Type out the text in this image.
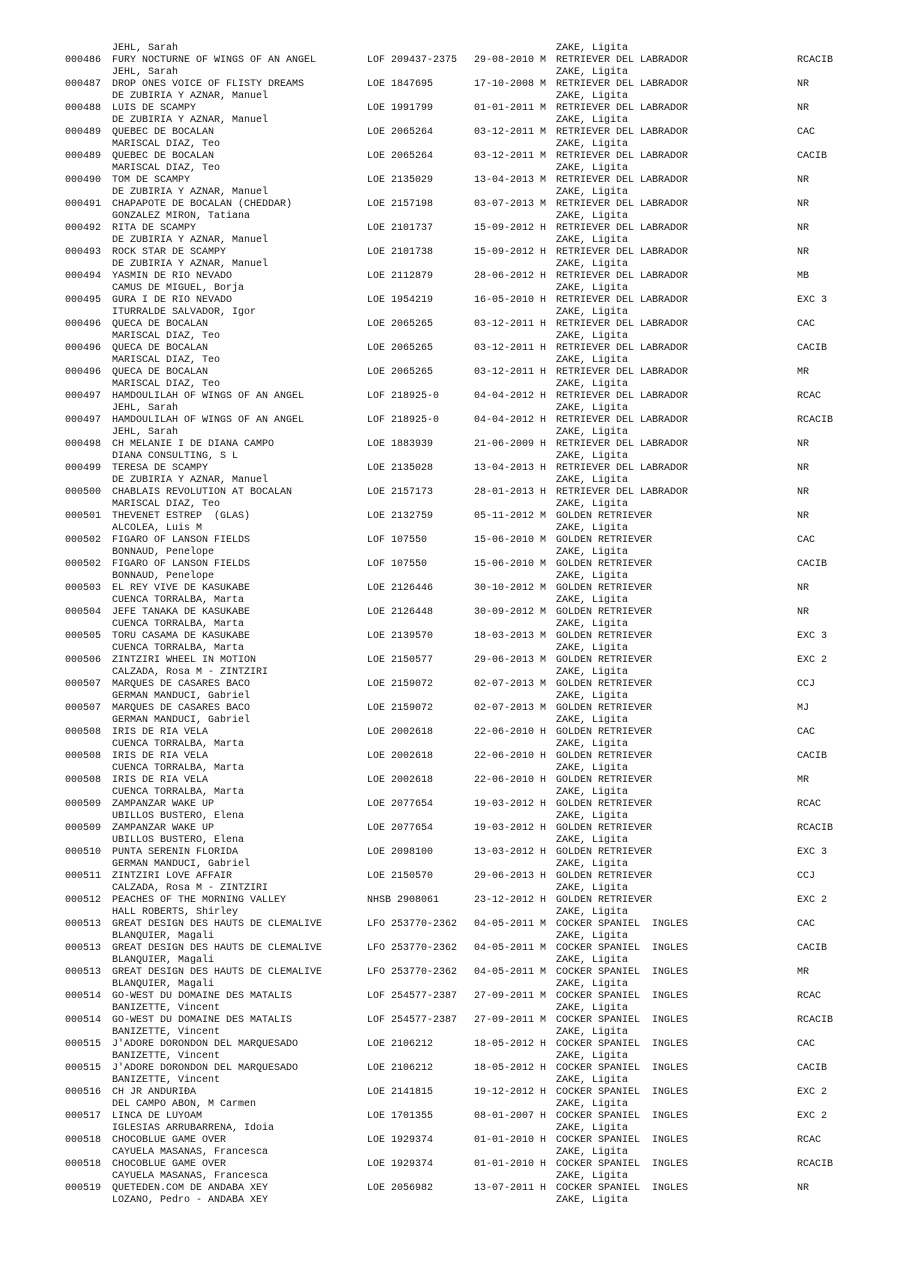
JEHL, Sarah

	ZAKE, Ligita

000486 FURY NOCTURNE OF WINGS OF AN ANGEL	LOF 209437-2375 29-08-2010 M RETRIEVER DEL LABRADOR	RCACIB
JEHL, Sarah	ZAKE, Ligita
000487 DROP ONES VOICE OF FLISTY DREAMS	LOE 1847695	17-10-2008 M RETRIEVER DEL LABRADOR	NR
DE ZUBIRIA Y AZNAR, Manuel	ZAKE, Ligita
000488 LUIS DE SCAMPY	LOE 1991799	01-01-2011 M RETRIEVER DEL LABRADOR	NR
DE ZUBIRIA Y AZNAR, Manuel	ZAKE, Ligita
000489 QUEBEC DE BOCALAN	LOE 2065264	03-12-2011 M RETRIEVER DEL LABRADOR	CAC
MARISCAL DIAZ, Teo	ZAKE, Ligita
000489 QUEBEC DE BOCALAN	LOE 2065264	03-12-2011 M RETRIEVER DEL LABRADOR	CACIB
MARISCAL DIAZ, Teo	ZAKE, Ligita
000490 TOM DE SCAMPY	LOE 2135029	13-04-2013 M RETRIEVER DEL LABRADOR	NR
DE ZUBIRIA Y AZNAR, Manuel	ZAKE, Ligita
000491 CHAPAPOTE DE BOCALAN (CHEDDAR)	LOE 2157198	03-07-2013 M RETRIEVER DEL LABRADOR	NR
GONZALEZ MIRON, Tatiana	ZAKE, Ligita
000492 RITA DE SCAMPY	LOE 2101737	15-09-2012 H RETRIEVER DEL LABRADOR	NR
DE ZUBIRIA Y AZNAR, Manuel	ZAKE, Ligita
000493 ROCK STAR DE SCAMPY	LOE 2101738	15-09-2012 H RETRIEVER DEL LABRADOR	NR
DE ZUBIRIA Y AZNAR, Manuel	ZAKE, Ligita
000494 YASMIN DE RIO NEVADO	LOE 2112879	28-06-2012 H RETRIEVER DEL LABRADOR	MB
CAMUS DE MIGUEL, Borja	ZAKE, Ligita
000495 GURA I DE RIO NEVADO	LOE 1954219	16-05-2010 H RETRIEVER DEL LABRADOR	EXC 3
ITURRALDE SALVADOR, Igor	ZAKE, Ligita
000496 QUECA DE BOCALAN	LOE 2065265	03-12-2011 H RETRIEVER DEL LABRADOR	CAC
MARISCAL DIAZ, Teo	ZAKE, Ligita
000496 QUECA DE BOCALAN	LOE 2065265	03-12-2011 H RETRIEVER DEL LABRADOR	CACIB
MARISCAL DIAZ, Teo	ZAKE, Ligita
000496 QUECA DE BOCALAN	LOE 2065265	03-12-2011 H RETRIEVER DEL LABRADOR	MR
MARISCAL DIAZ, Teo	ZAKE, Ligita
000497 HAMDOULILAH OF WINGS OF AN ANGEL	LOF 218925-0	04-04-2012 H RETRIEVER DEL LABRADOR	RCAC
JEHL, Sarah	ZAKE, Ligita
000497 HAMDOULILAH OF WINGS OF AN ANGEL	LOF 218925-0	04-04-2012 H RETRIEVER DEL LABRADOR	RCACIB
JEHL, Sarah	ZAKE, Ligita
000498 CH MELANIE I DE DIANA CAMPO	LOE 1883939	21-06-2009 H RETRIEVER DEL LABRADOR	NR
DIANA CONSULTING, S L	ZAKE, Ligita
000499 TERESA DE SCAMPY	LOE 2135028	13-04-2013 H RETRIEVER DEL LABRADOR	NR
DE ZUBIRIA Y AZNAR, Manuel	ZAKE, Ligita
000500 CHABLAIS REVOLUTION AT BOCALAN	LOE 2157173	28-01-2013 H RETRIEVER DEL LABRADOR	NR
MARISCAL DIAZ, Teo	ZAKE, Ligita
000501 THEVENET ESTREP  (GLAS)	LOE 2132759	05-11-2012 M GOLDEN RETRIEVER	NR
ALCOLEA, Luis M	ZAKE, Ligita
000502 FIGARO OF LANSON FIELDS	LOF 107550	15-06-2010 M GOLDEN RETRIEVER	CAC
BONNAUD, Penelope	ZAKE, Ligita
000502 FIGARO OF LANSON FIELDS	LOF 107550	15-06-2010 M GOLDEN RETRIEVER	CACIB
BONNAUD, Penelope	ZAKE, Ligita
000503 EL REY VIVE DE KASUKABE	LOE 2126446	30-10-2012 M GOLDEN RETRIEVER	NR
CUENCA TORRALBA, Marta	ZAKE, Ligita
000504 JEFE TANAKA DE KASUKABE	LOE 2126448	30-09-2012 M GOLDEN RETRIEVER	NR
CUENCA TORRALBA, Marta	ZAKE, Ligita
000505 TORU CASAMA DE KASUKABE	LOE 2139570	18-03-2013 M GOLDEN RETRIEVER	EXC 3
CUENCA TORRALBA, Marta	ZAKE, Ligita
000506 ZINTZIRI WHEEL IN MOTION	LOE 2150577	29-06-2013 M GOLDEN RETRIEVER	EXC 2
CALZADA, Rosa M - ZINTZIRI	ZAKE, Ligita
000507 MARQUES DE CASARES BACO	LOE 2159072	02-07-2013 M GOLDEN RETRIEVER	CCJ
GERMAN MANDUCI, Gabriel	ZAKE, Ligita
000507 MARQUES DE CASARES BACO	LOE 2159072	02-07-2013 M GOLDEN RETRIEVER	MJ
GERMAN MANDUCI, Gabriel	ZAKE, Ligita
000508 IRIS DE RIA VELA	LOE 2002618	22-06-2010 H GOLDEN RETRIEVER	CAC
CUENCA TORRALBA, Marta	ZAKE, Ligita
000508 IRIS DE RIA VELA	LOE 2002618	22-06-2010 H GOLDEN RETRIEVER	CACIB
CUENCA TORRALBA, Marta	ZAKE, Ligita
000508 IRIS DE RIA VELA	LOE 2002618	22-06-2010 H GOLDEN RETRIEVER	MR
CUENCA TORRALBA, Marta	ZAKE, Ligita
000509 ZAMPANZAR WAKE UP	LOE 2077654	19-03-2012 H GOLDEN RETRIEVER	RCAC
UBILLOS BUSTERO, Elena	ZAKE, Ligita
000509 ZAMPANZAR WAKE UP	LOE 2077654	19-03-2012 H GOLDEN RETRIEVER	RCACIB
UBILLOS BUSTERO, Elena	ZAKE, Ligita
000510 PUNTA SERENIN FLORIDA	LOE 2098100	13-03-2012 H GOLDEN RETRIEVER	EXC 3
GERMAN MANDUCI, Gabriel	ZAKE, Ligita
000511 ZINTZIRI LOVE AFFAIR	LOE 2150570	29-06-2013 H GOLDEN RETRIEVER	CCJ
CALZADA, Rosa M - ZINTZIRI	ZAKE, Ligita
000512 PEACHES OF THE MORNING VALLEY	NHSB 2908061	23-12-2012 H GOLDEN RETRIEVER	EXC 2
HALL ROBERTS, Shirley	ZAKE, Ligita
000513 GREAT DESIGN DES HAUTS DE CLEMALIVE	LFO 253770-2362 04-05-2011 M COCKER SPANIEL  INGLES	CAC
BLANQUIER, Magali	ZAKE, Ligita
000513 GREAT DESIGN DES HAUTS DE CLEMALIVE	LFO 253770-2362 04-05-2011 M COCKER SPANIEL  INGLES	CACIB
BLANQUIER, Magali	ZAKE, Ligita
000513 GREAT DESIGN DES HAUTS DE CLEMALIVE	LFO 253770-2362 04-05-2011 M COCKER SPANIEL  INGLES	MR
BLANQUIER, Magali	ZAKE, Ligita
000514 GO-WEST DU DOMAINE DES MATALIS	LOF 254577-2387 27-09-2011 M COCKER SPANIEL  INGLES	RCAC
BANIZETTE, Vincent	ZAKE, Ligita
000514 GO-WEST DU DOMAINE DES MATALIS	LOF 254577-2387 27-09-2011 M COCKER SPANIEL  INGLES	RCACIB
BANIZETTE, Vincent	ZAKE, Ligita
000515 J'ADORE DORONDON DEL MARQUESADO	LOE 2106212	18-05-2012 H COCKER SPANIEL  INGLES	CAC
BANIZETTE, Vincent	ZAKE, Ligita
000515 J'ADORE DORONDON DEL MARQUESADO	LOE 2106212	18-05-2012 H COCKER SPANIEL  INGLES	CACIB
BANIZETTE, Vincent	ZAKE, Ligita
000516 CH JR ANDURIÐA	LOE 2141815	19-12-2012 H COCKER SPANIEL  INGLES	EXC 2
DEL CAMPO ABON, M Carmen	ZAKE, Ligita
000517 LINCA DE LUYOAM	LOE 1701355	08-01-2007 H COCKER SPANIEL  INGLES	EXC 2
IGLESIAS ARRUBARRENA, Idoia	ZAKE, Ligita
000518 CHOCOBLUE GAME OVER	LOE 1929374	01-01-2010 H COCKER SPANIEL  INGLES	RCAC
CAYUELA MASANAS, Francesca	ZAKE, Ligita
000518 CHOCOBLUE GAME OVER	LOE 1929374	01-01-2010 H COCKER SPANIEL  INGLES	RCACIB
CAYUELA MASANAS, Francesca	ZAKE, Ligita
000519 QUETEDEN.COM DE ANDABA XEY	LOE 2056982	13-07-2011 H COCKER SPANIEL  INGLES	NR
LOZANO, Pedro - ANDABA XEY	ZAKE, Ligita
